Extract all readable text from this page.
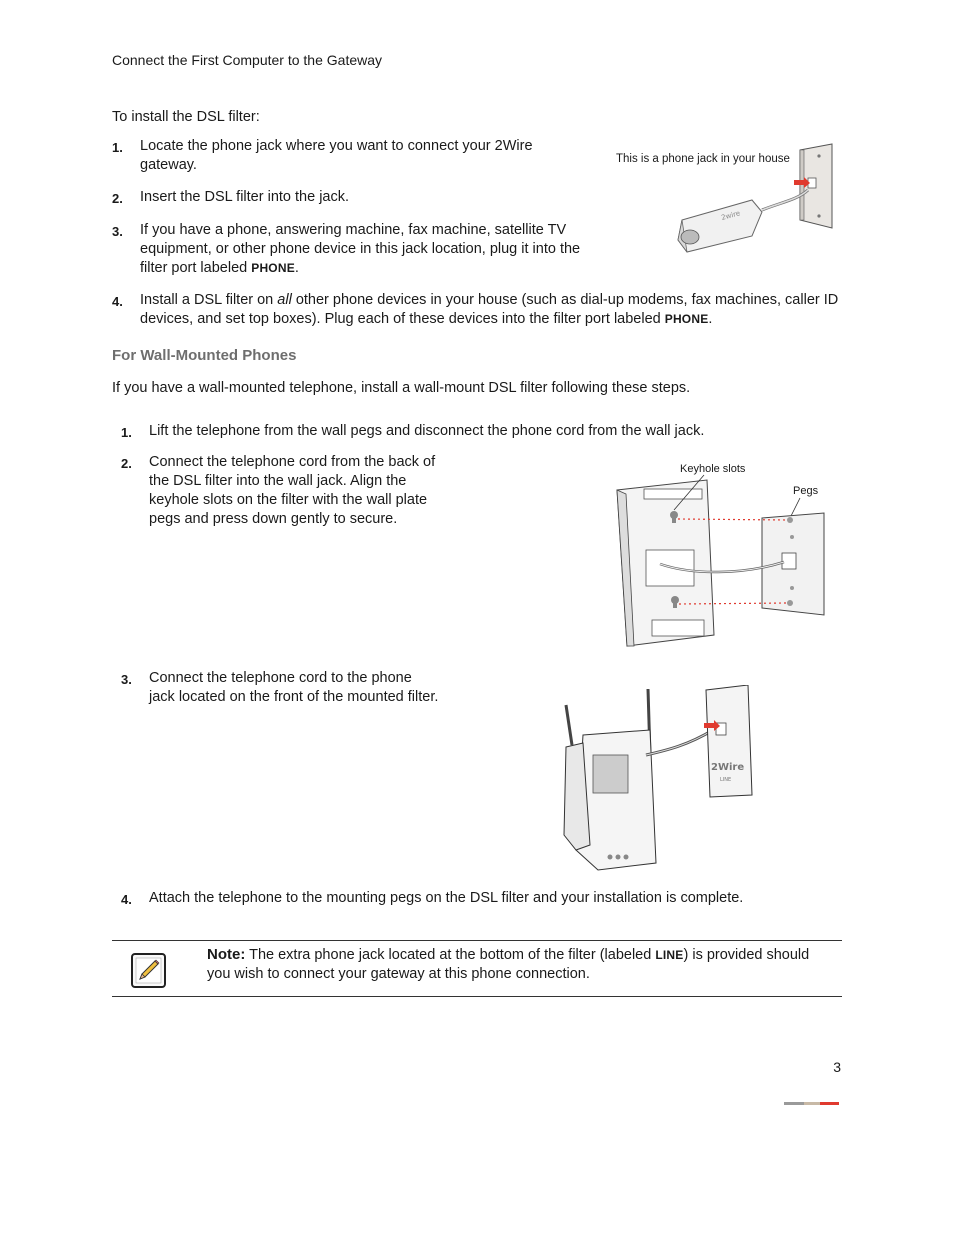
Connect the First Computer to the Gateway
To install the DSL filter:
1. Locate the phone jack where you want to connect your 2Wire gateway.
2. Insert the DSL filter into the jack.
3. If you have a phone, answering machine, fax machine, satellite TV equipment, or other phone device in this jack location, plug it into the filter port labeled PHONE.
4. Install a DSL filter on all other phone devices in your house (such as dial-up modems, fax machines, caller ID devices, and set top boxes). Plug each of these devices into the filter port labeled PHONE.
This is a phone jack in your house
2wire
For Wall-Mounted Phones
If you have a wall-mounted telephone, install a wall-mount DSL filter following these steps.
1. Lift the telephone from the wall pegs and disconnect the phone cord from the wall jack.
2. Connect the telephone cord from the back of the DSL filter into the wall jack. Align the keyhole slots on the filter with the wall plate pegs and press down gently to secure.
3. Connect the telephone cord to the phone jack located on the front of the mounted filter.
4. Attach the telephone to the mounting pegs on the DSL filter and your installation is complete.
Keyhole slots
Pegs
2Wire
LINE
Note: The extra phone jack located at the bottom of the filter (labeled LINE) is provided should you wish to connect your gateway at this phone connection.
3
